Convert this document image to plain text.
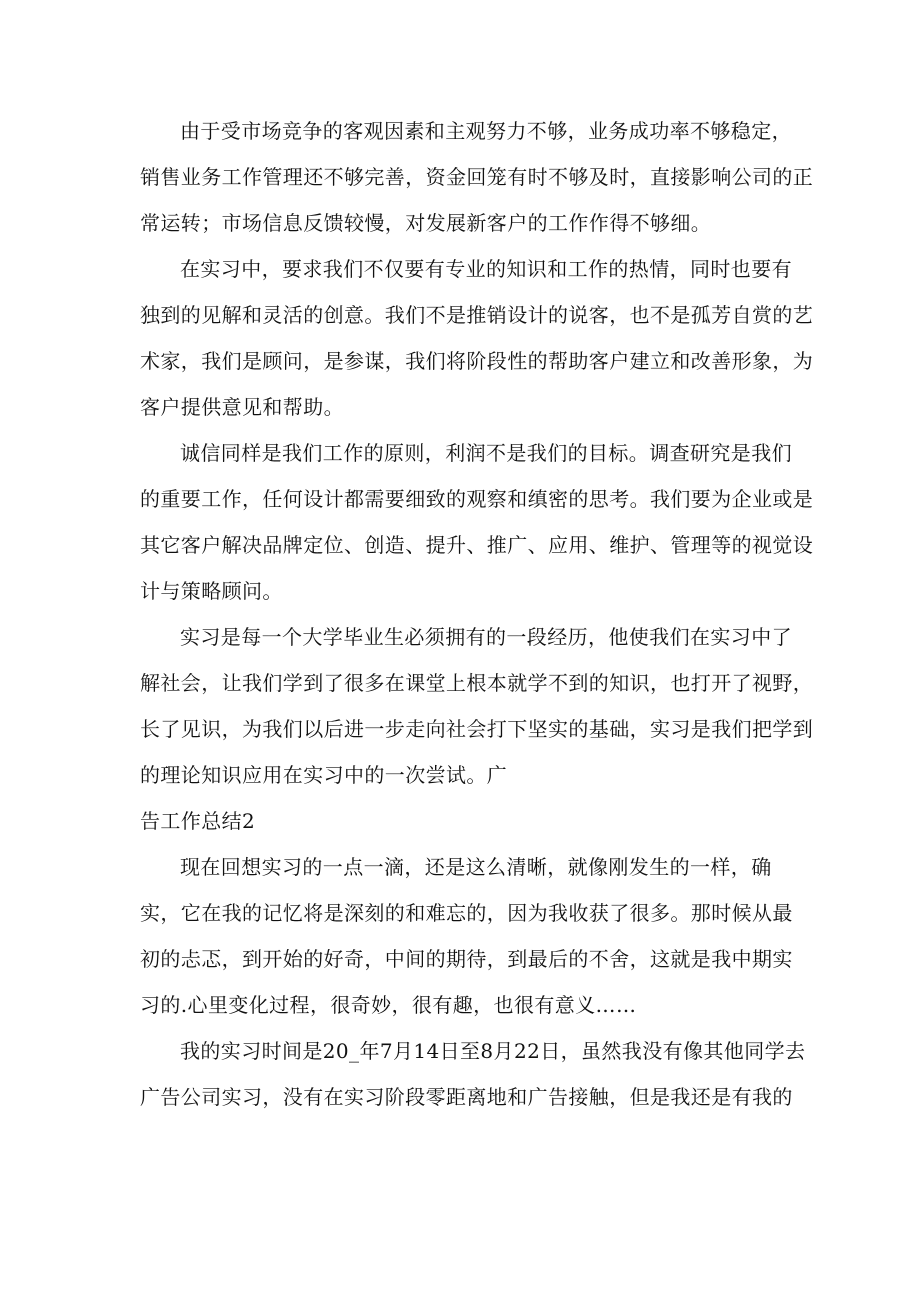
由于受市场竞争的客观因素和主观努力不够，业务成功率不够稳定，
销售业务工作管理还不够完善，资金回笼有时不够及时，直接影响公司的正
常运转；市场信息反馈较慢，对发展新客户的工作作得不够细。
在实习中，要求我们不仅要有专业的知识和工作的热情，同时也要有
独到的见解和灵活的创意。我们不是推销设计的说客，也不是孤芳自赏的艺
术家，我们是顾问，是参谋，我们将阶段性的帮助客户建立和改善形象，为
客户提供意见和帮助。
诚信同样是我们工作的原则，利润不是我们的目标。调查研究是我们
的重要工作，任何设计都需要细致的观察和缜密的思考。我们要为企业或是
其它客户解决品牌定位、创造、提升、推广、应用、维护、管理等的视觉设
计与策略顾问。
实习是每一个大学毕业生必须拥有的一段经历，他使我们在实习中了
解社会，让我们学到了很多在课堂上根本就学不到的知识，也打开了视野，
长了见识，为我们以后进一步走向社会打下坚实的基础，实习是我们把学到
的理论知识应用在实习中的一次尝试。广
告工作总结2
现在回想实习的一点一滴，还是这么清晰，就像刚发生的一样，确
实，它在我的记忆将是深刻的和难忘的，因为我收获了很多。那时候从最
初的忐忑，到开始的好奇，中间的期待，到最后的不舍，这就是我中期实
习的.心里变化过程，很奇妙，很有趣，也很有意义……
我的实习时间是20_年7月14日至8月22日，虽然我没有像其他同学去
广告公司实习，没有在实习阶段零距离地和广告接触，但是我还是有我的
